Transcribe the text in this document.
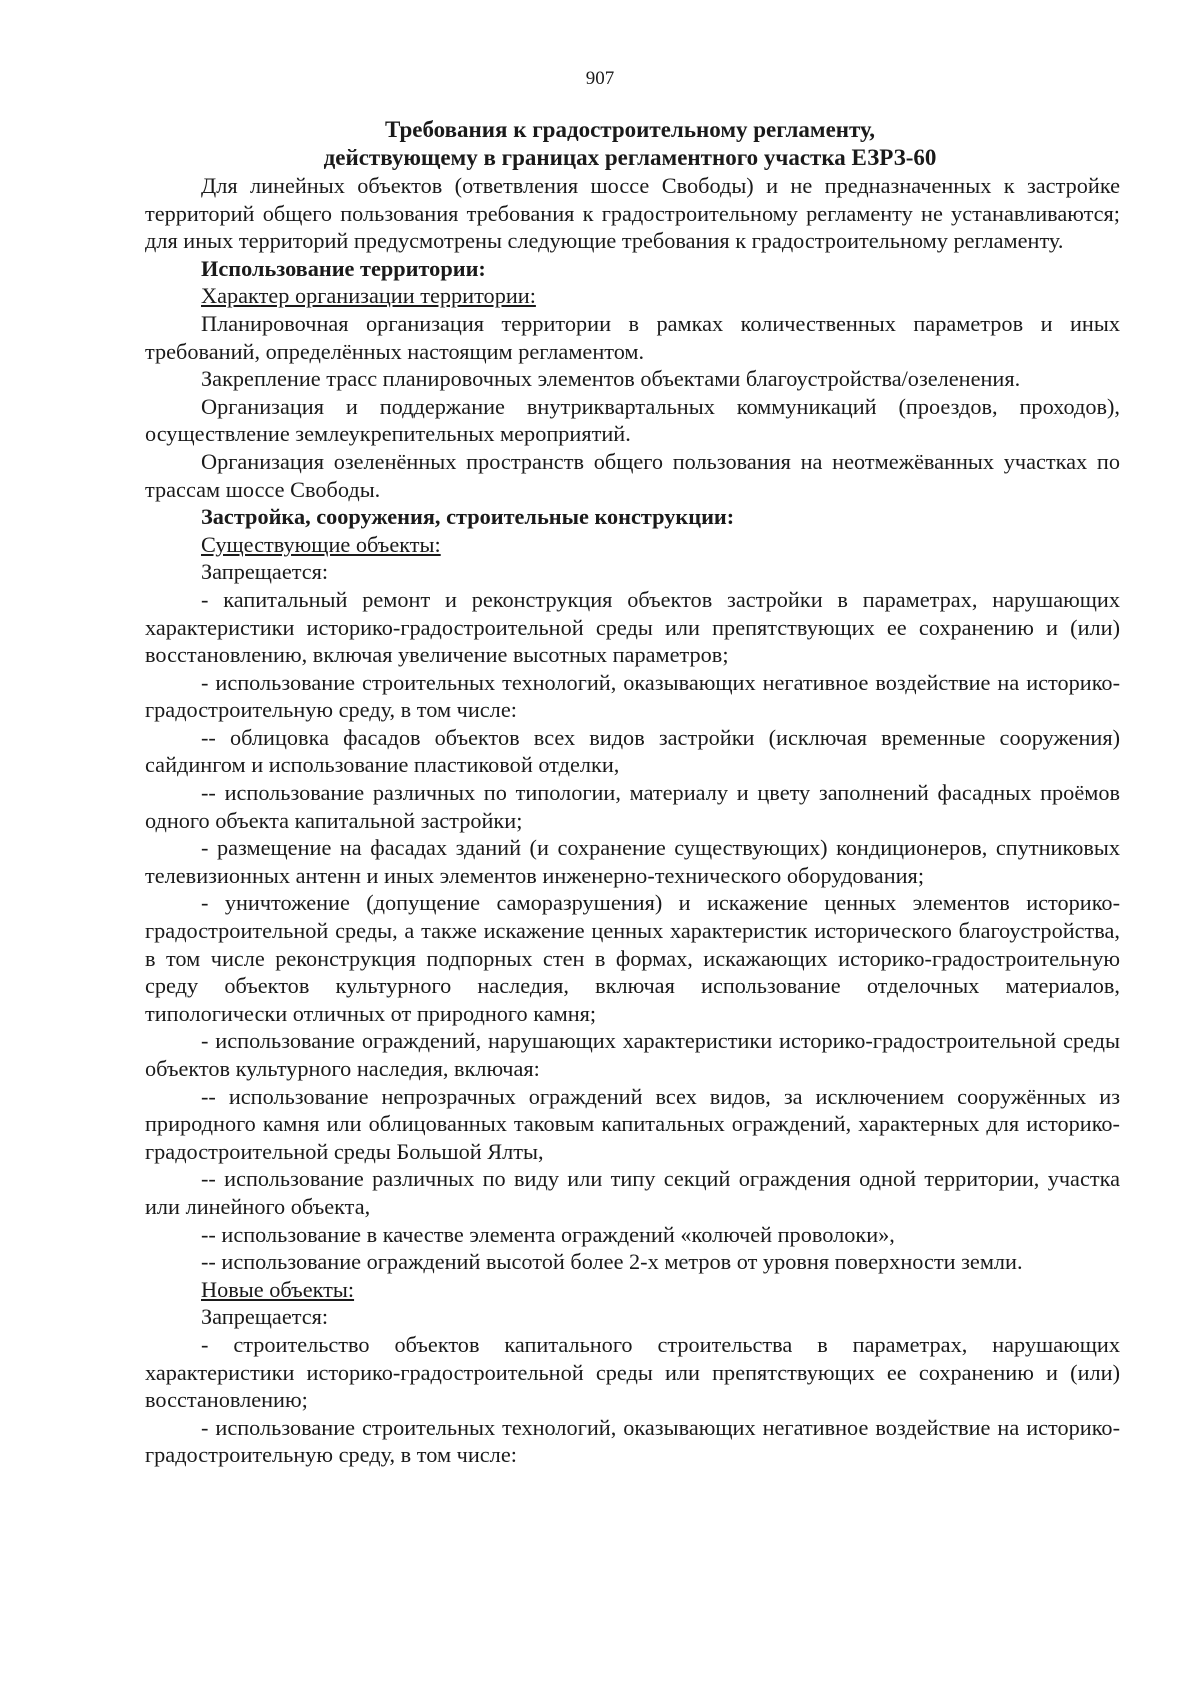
907
Требования к градостроительному регламенту,
действующему в границах регламентного участка ЕЗРЗ-60

Для линейных объектов (ответвления шоссе Свободы) и не предназначенных к застройке территорий общего пользования требования к градостроительному регламенту не устанавливаются; для иных территорий предусмотрены следующие требования к градостроительному регламенту.

Использование территории:

Характер организации территории:

Планировочная организация территории в рамках количественных параметров и иных требований, определённых настоящим регламентом.

Закрепление трасс планировочных элементов объектами благоустройства/озеленения.

Организация и поддержание внутриквартальных коммуникаций (проездов, проходов), осуществление землеукрепительных мероприятий.

Организация озеленённых пространств общего пользования на неотмежёванных участках по трассам шоссе Свободы.

Застройка, сооружения, строительные конструкции:

Существующие объекты:

Запрещается:

- капитальный ремонт и реконструкция объектов застройки в параметрах, нарушающих характеристики историко-градостроительной среды или препятствующих ее сохранению и (или) восстановлению, включая увеличение высотных параметров;

- использование строительных технологий, оказывающих негативное воздействие на историко-градостроительную среду, в том числе:

-- облицовка фасадов объектов всех видов застройки (исключая временные сооружения) сайдингом и использование пластиковой отделки,

-- использование различных по типологии, материалу и цвету заполнений фасадных проёмов одного объекта капитальной застройки;

- размещение на фасадах зданий (и сохранение существующих) кондиционеров, спутниковых телевизионных антенн и иных элементов инженерно-технического оборудования;

- уничтожение (допущение саморазрушения) и искажение ценных элементов историко-градостроительной среды, а также искажение ценных характеристик исторического благоустройства, в том числе реконструкция подпорных стен в формах, искажающих историко-градостроительную среду объектов культурного наследия, включая использование отделочных материалов, типологически отличных от природного камня;

- использование ограждений, нарушающих характеристики историко-градостроительной среды объектов культурного наследия, включая:

-- использование непрозрачных ограждений всех видов, за исключением сооружённых из природного камня или облицованных таковым капитальных ограждений, характерных для историко-градостроительной среды Большой Ялты,

-- использование различных по виду или типу секций ограждения одной территории, участка или линейного объекта,

-- использование в качестве элемента ограждений «колючей проволоки»,

-- использование ограждений высотой более 2-х метров от уровня поверхности земли.

Новые объекты:

Запрещается:

- строительство объектов капитального строительства в параметрах, нарушающих характеристики историко-градостроительной среды или препятствующих ее сохранению и (или) восстановлению;

- использование строительных технологий, оказывающих негативное воздействие на историко-градостроительную среду, в том числе:
